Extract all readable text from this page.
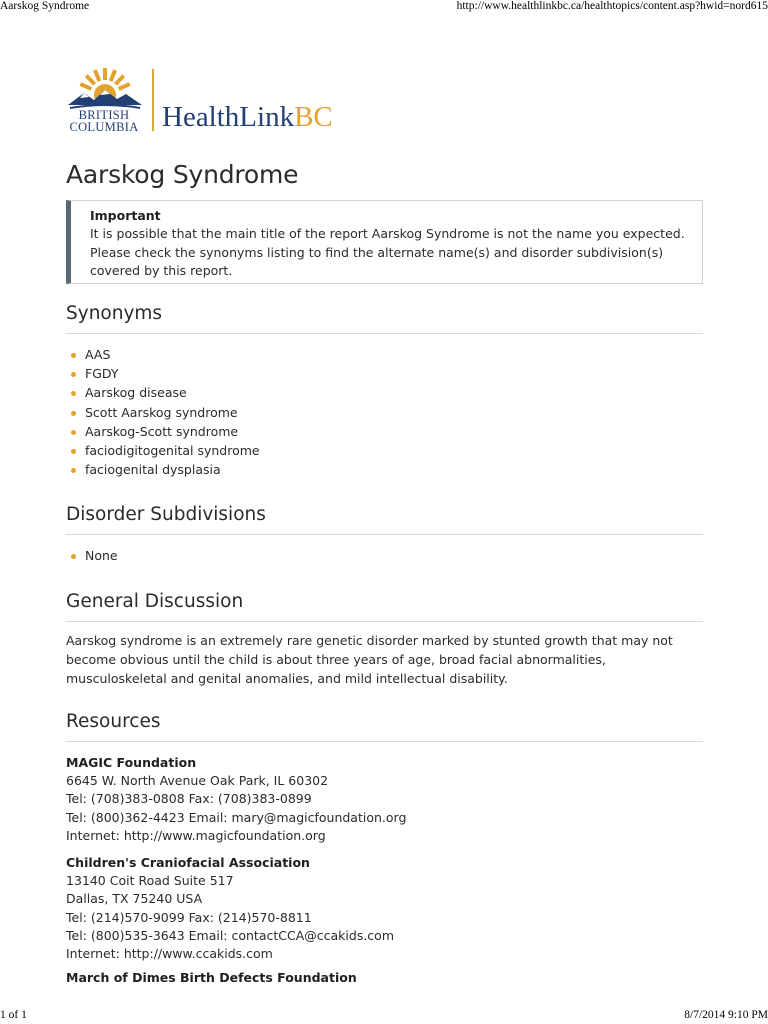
Aarskog Syndrome	http://www.healthlinkbc.ca/healthtopics/content.asp?hwid=nord615
BRITISH
COLUMBIA HealthLinkBC
Aarskog Syndrome
Important
It is possible that the main title of the report Aarskog Syndrome is not the name you expected. Please check the synonyms listing to find the alternate name(s) and disorder subdivision(s) covered by this report.
Synonyms
AAS
FGDY
Aarskog disease
Scott Aarskog syndrome
Aarskog-Scott syndrome
faciodigitogenital syndrome
faciogenital dysplasia
Disorder Subdivisions
None
General Discussion

Aarskog syndrome is an extremely rare genetic disorder marked by stunted growth that may not become obvious until the child is about three years of age, broad facial abnormalities, musculoskeletal and genital anomalies, and mild intellectual disability.

Resources
MAGIC Foundation
6645 W. North Avenue Oak Park, IL 60302
Tel: (708)383-0808 Fax: (708)383-0899
Tel: (800)362-4423 Email: mary@magicfoundation.org
Internet: http://www.magicfoundation.org
Children's Craniofacial Association
13140 Coit Road Suite 517
Dallas, TX 75240 USA
Tel: (214)570-9099 Fax: (214)570-8811
Tel: (800)535-3643 Email: contactCCA@ccakids.com
Internet: http://www.ccakids.com
March of Dimes Birth Defects Foundation
1 of 1	8/7/2014 9:10 PM
